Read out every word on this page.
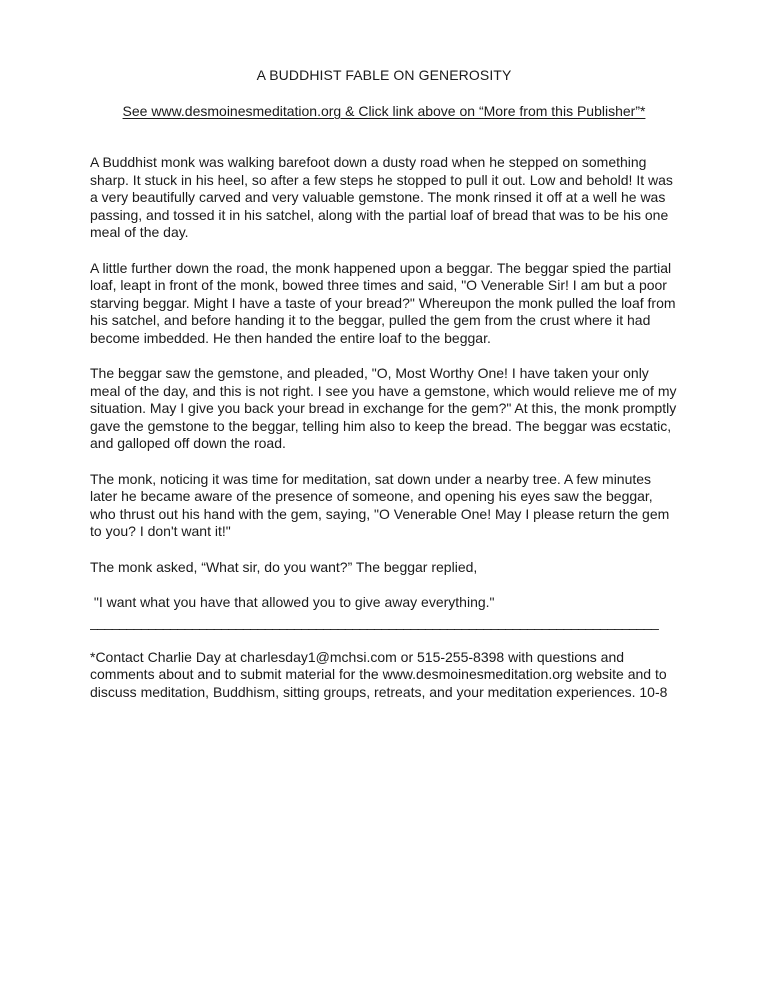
A BUDDHIST FABLE ON GENEROSITY
See www.desmoinesmeditation.org & Click link above on “More from this Publisher”*

A Buddhist monk was walking barefoot down a dusty road when he stepped on something sharp. It stuck in his heel, so after a few steps he stopped to pull it out. Low and behold! It was a very beautifully carved and very valuable gemstone. The monk rinsed it off at a well he was passing, and tossed it in his satchel, along with the partial loaf of bread that was to be his one meal of the day.

A little further down the road, the monk happened upon a beggar. The beggar spied the partial loaf, leapt in front of the monk, bowed three times and said, "O Venerable Sir! I am but a poor starving beggar. Might I have a taste of your bread?" Whereupon the monk pulled the loaf from his satchel, and before handing it to the beggar, pulled the gem from the crust where it had become imbedded. He then handed the entire loaf to the beggar.

The beggar saw the gemstone, and pleaded, "O, Most Worthy One! I have taken your only meal of the day, and this is not right. I see you have a gemstone, which would relieve me of my situation. May I give you back your bread in exchange for the gem?" At this, the monk promptly gave the gemstone to the beggar, telling him also to keep the bread. The beggar was ecstatic, and galloped off down the road.

The monk, noticing it was time for meditation, sat down under a nearby tree. A few minutes later he became aware of the presence of someone, and opening his eyes saw the beggar, who thrust out his hand with the gem, saying, "O Venerable One! May I please return the gem to you? I don't want it!"

The monk asked, “What sir, do you want?” The beggar replied,

"I want what you have that allowed you to give away everything."

______________________________________________________________________________

*Contact Charlie Day at charlesday1@mchsi.com or 515-255-8398 with questions and comments about and to submit material for the www.desmoinesmeditation.org website and to discuss meditation, Buddhism, sitting groups, retreats, and your meditation experiences. 10-8
